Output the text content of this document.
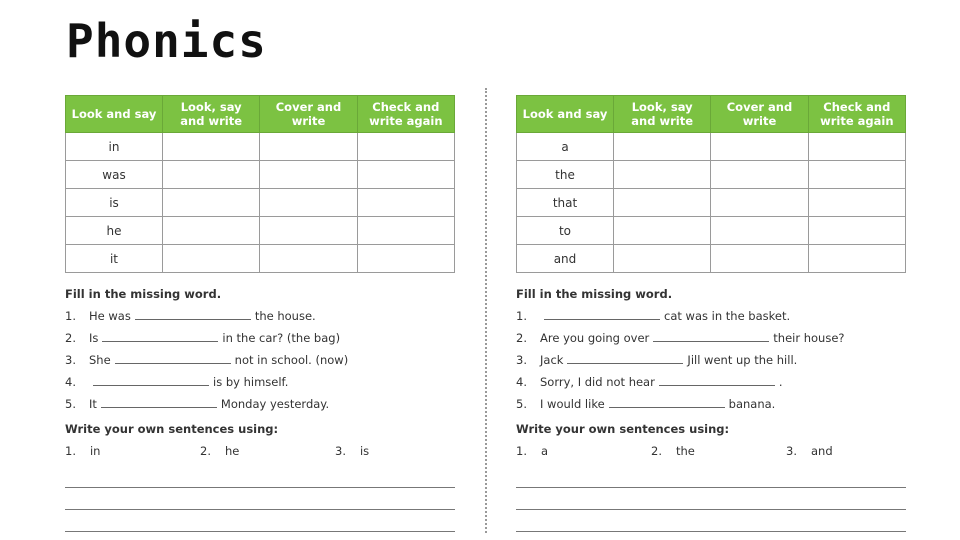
Phonics
Look and say	Look, say and write	Cover and write	Check and write again
in			
was			
is			
he			
it			
Fill in the missing word.
1.	He was	the house.
2.	Is	in the car? (the bag)
3.	She	not in school. (now)
4.	is by himself.
5.	It	Monday yesterday.
Write your own sentences using:
1. in	2. he	3. is
Look and say	Look, say and write	Cover and write	Check and write again
a			
the			
that			
to			
and			
Fill in the missing word.
1.	cat was in the basket.
2.	Are you going over	their house?
3.	Jack	Jill went up the hill.
4.	Sorry, I did not hear	.
5.	I would like	banana.
Write your own sentences using:
1. a	2. the	3. and
